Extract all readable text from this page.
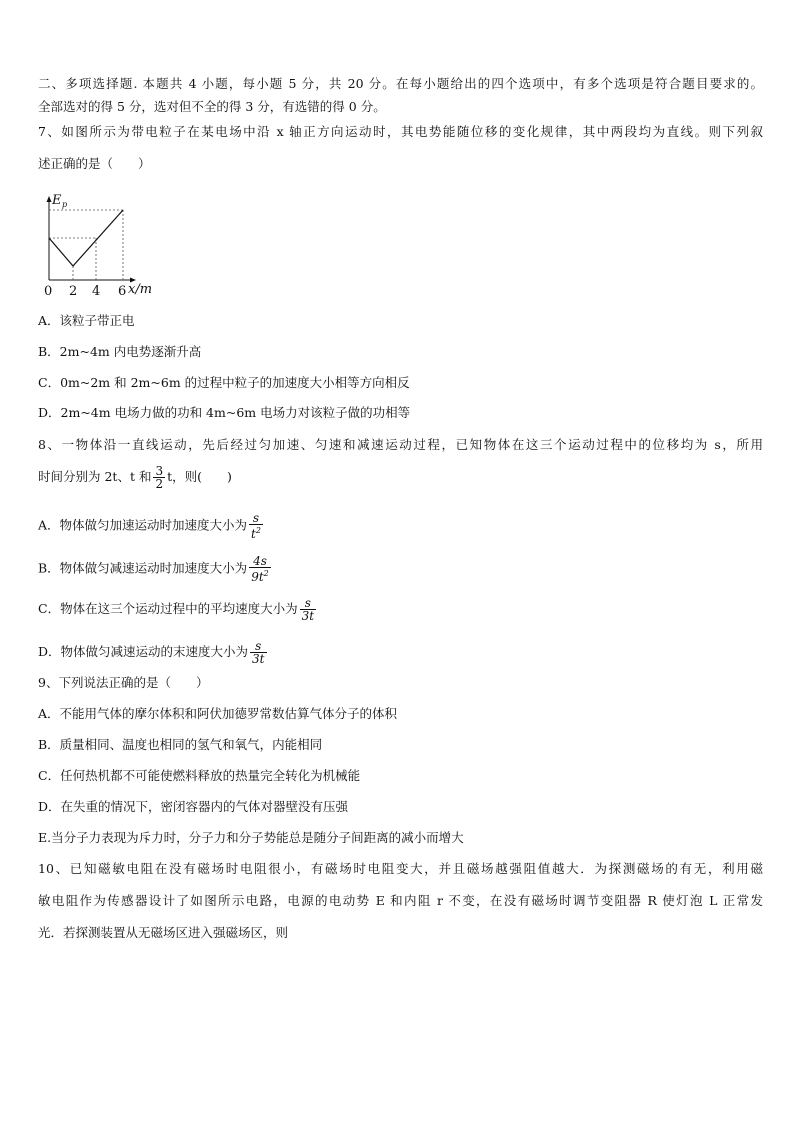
二、多项选择题. 本题共 4 小题，每小题 5 分，共 20 分。在每小题给出的四个选项中，有多个选项是符合题目要求的。
全部选对的得 5 分，选对但不全的得 3 分，有选错的得 0 分。
7、如图所示为带电粒子在某电场中沿 x 轴正方向运动时，其电势能随位移的变化规律，其中两段均为直线。则下列叙
述正确的是（　　）
E p
0 2 4 6 x/m
A．该粒子带正电
B．2m~4m 内电势逐渐升高
C．0m~2m 和 2m~6m 的过程中粒子的加速度大小相等方向相反
D．2m~4m 电场力做的功和 4m~6m 电场力对该粒子做的功相等
8、一物体沿一直线运动，先后经过匀加速、匀速和减速运动过程，已知物体在这三个运动过程中的位移均为 s，所用
时间分别为 2t、t 和 $\frac{3}{2}$ t，则(　　)
A．物体做匀加速运动时加速度大小为 $\frac{s}{t^2}$
B．物体做匀减速运动时加速度大小为 $\frac{4s}{9t^2}$
C．物体在这三个运动过程中的平均速度大小为 $\frac{s}{3t}$
D．物体做匀减速运动的末速度大小为 $\frac{s}{3t}$
9、下列说法正确的是（　　）
A．不能用气体的摩尔体积和阿伏加德罗常数估算气体分子的体积
B．质量相同、温度也相同的氢气和氧气，内能相同
C．任何热机都不可能使燃料释放的热量完全转化为机械能
D．在失重的情况下，密闭容器内的气体对器壁没有压强
E.当分子力表现为斥力时，分子力和分子势能总是随分子间距离的减小而增大
10、已知磁敏电阻在没有磁场时电阻很小，有磁场时电阻变大，并且磁场越强阻值越大．为探测磁场的有无，利用磁
敏电阻作为传感器设计了如图所示电路，电源的电动势 E 和内阻 r 不变，在没有磁场时调节变阻器 R 使灯泡 L 正常发
光．若探测装置从无磁场区进入强磁场区，则
